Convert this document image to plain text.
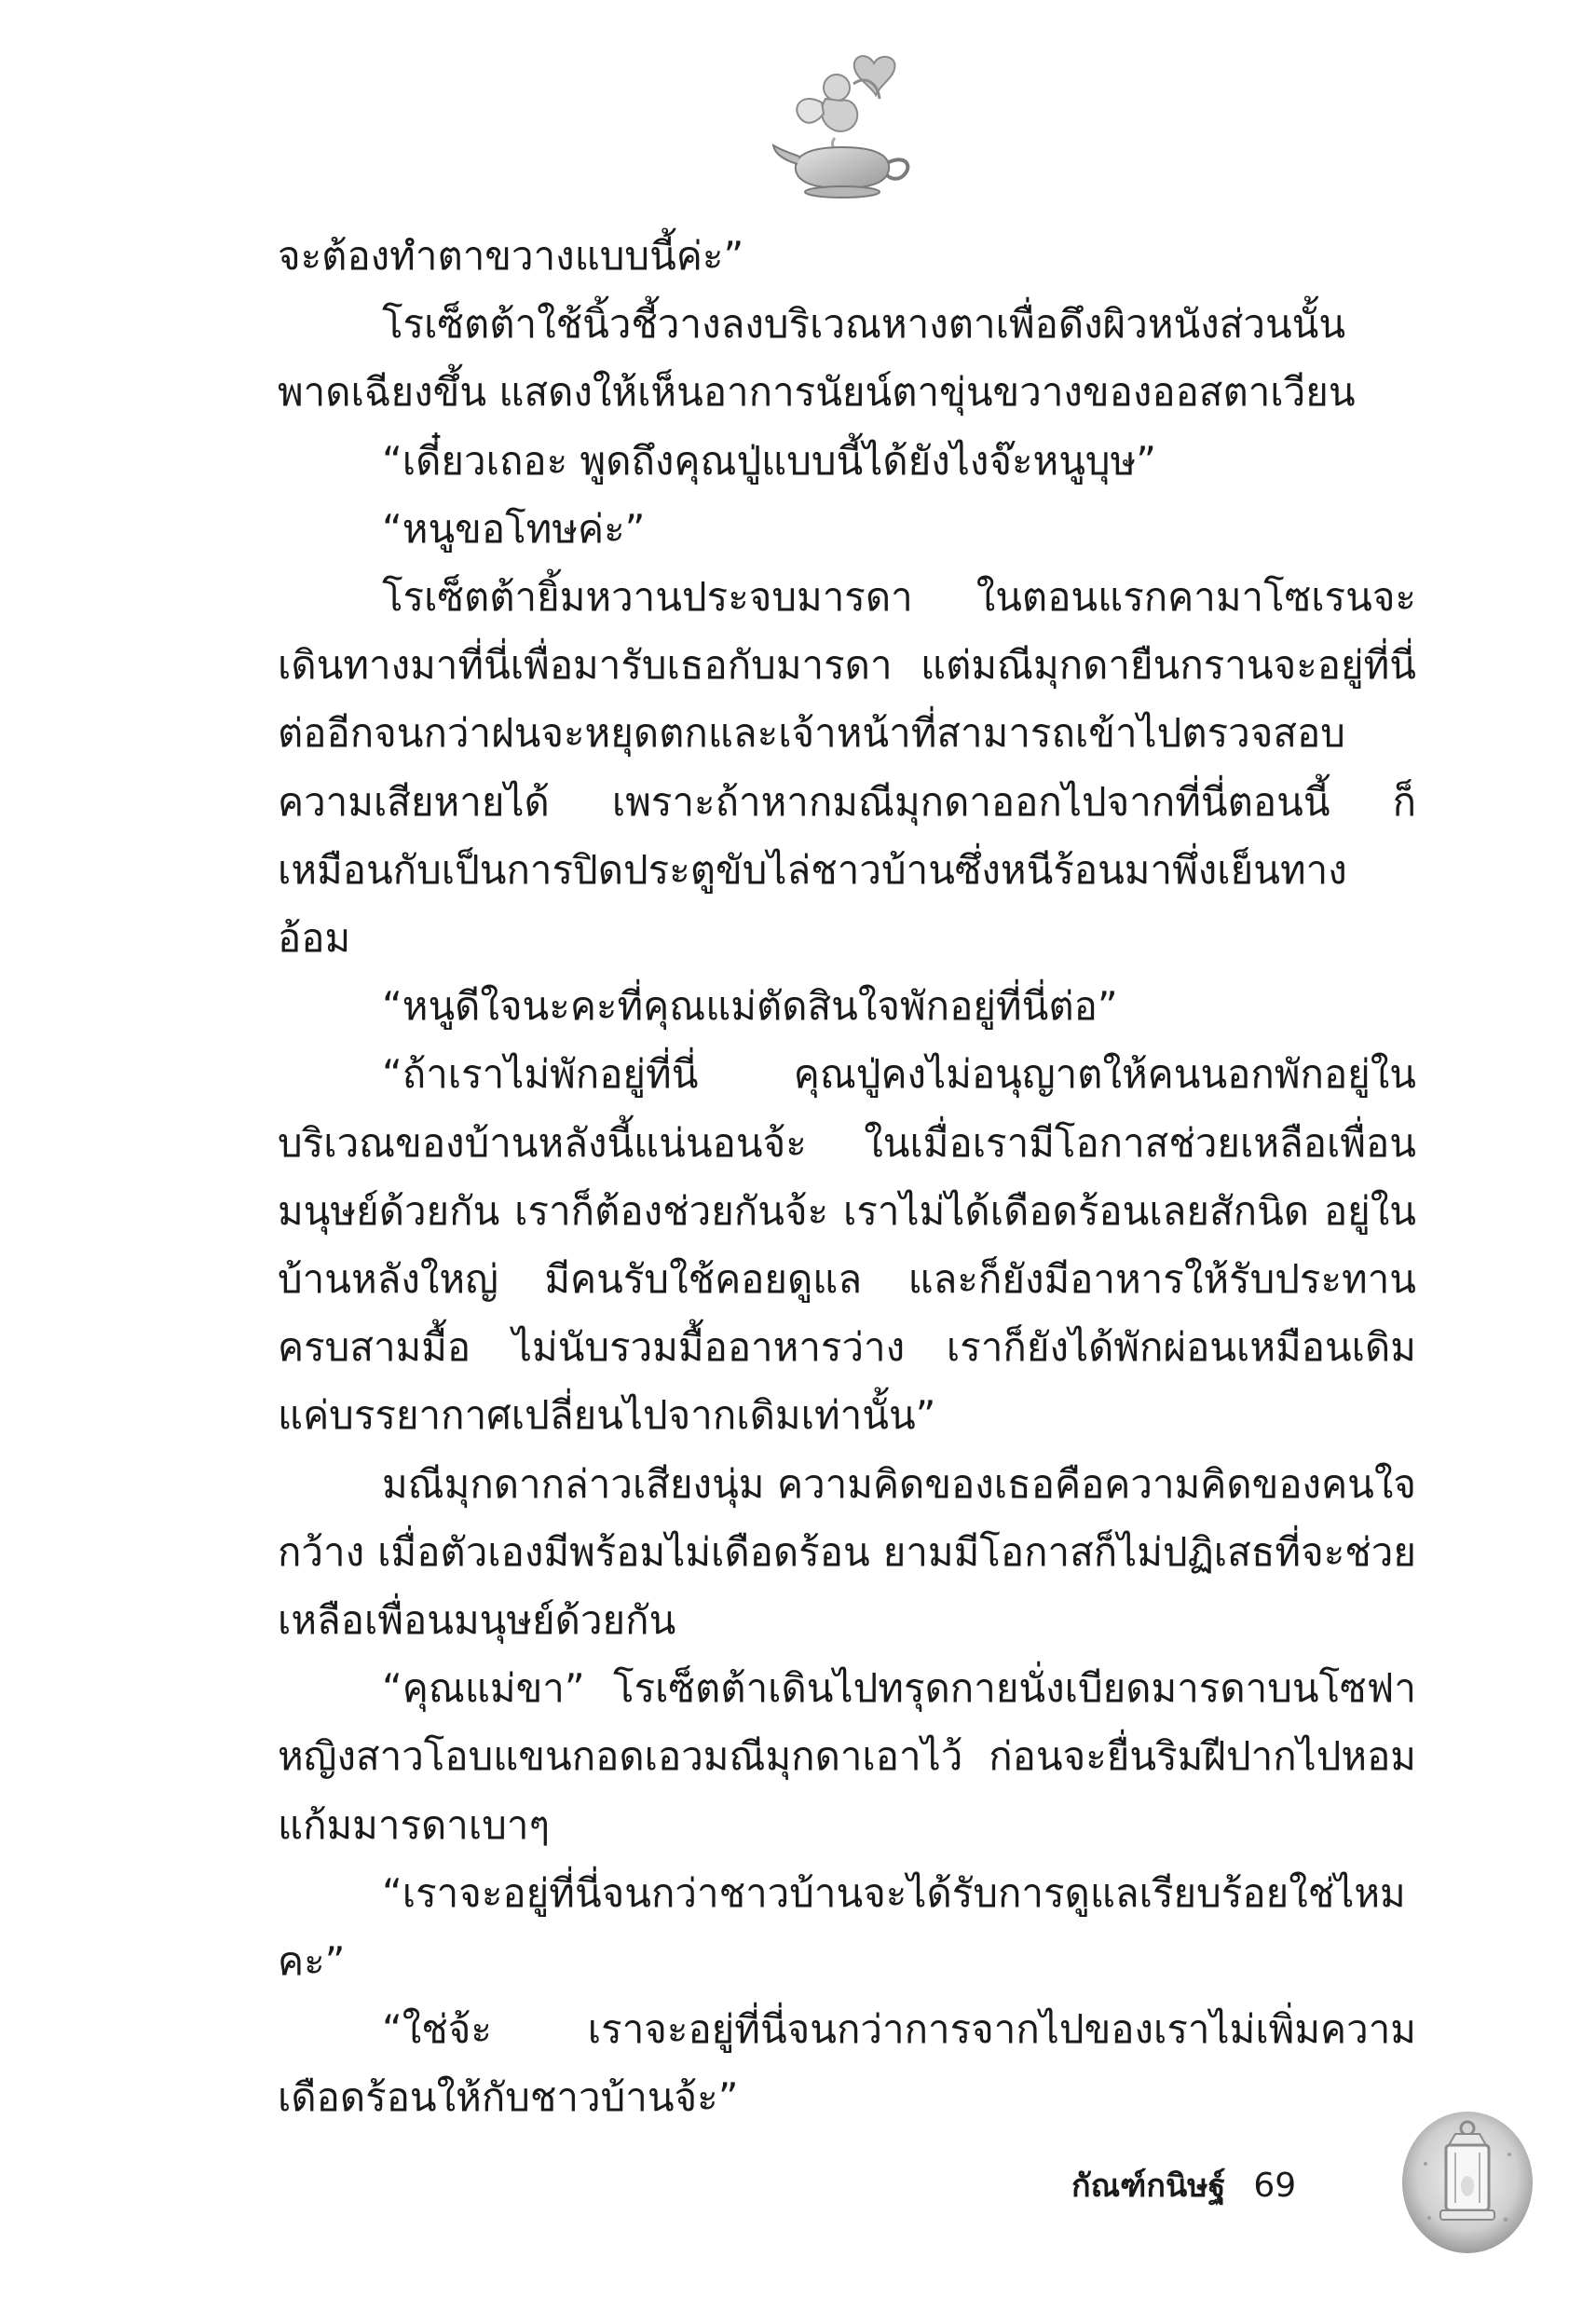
จะต้องทำตาขวางแบบนี้ค่ะ”

โรเซ็ตต้าใช้นิ้วชี้วางลงบริเวณหางตาเพื่อดึงผิวหนังส่วนนั้นพาดเฉียงขึ้น แสดงให้เห็นอาการนัยน์ตาขุ่นขวางของออสตาเวียน

“เดี๋ยวเถอะ พูดถึงคุณปู่แบบนี้ได้ยังไงจ๊ะหนูบุษ”

“หนูขอโทษค่ะ”

โรเซ็ตต้ายิ้มหวานประจบมารดา ในตอนแรกคามาโซเรนจะเดินทางมาที่นี่เพื่อมารับเธอกับมารดา แต่มณีมุกดายืนกรานจะอยู่ที่นี่ต่ออีกจนกว่าฝนจะหยุดตกและเจ้าหน้าที่สามารถเข้าไปตรวจสอบความเสียหายได้ เพราะถ้าหากมณีมุกดาออกไปจากที่นี่ตอนนี้ ก็เหมือนกับเป็นการปิดประตูขับไล่ชาวบ้านซึ่งหนีร้อนมาพึ่งเย็นทางอ้อม

“หนูดีใจนะคะที่คุณแม่ตัดสินใจพักอยู่ที่นี่ต่อ”

“ถ้าเราไม่พักอยู่ที่นี่ คุณปู่คงไม่อนุญาตให้คนนอกพักอยู่ในบริเวณของบ้านหลังนี้แน่นอนจ้ะ ในเมื่อเรามีโอกาสช่วยเหลือเพื่อนมนุษย์ด้วยกัน เราก็ต้องช่วยกันจ้ะ เราไม่ได้เดือดร้อนเลยสักนิด อยู่ในบ้านหลังใหญ่ มีคนรับใช้คอยดูแล และก็ยังมีอาหารให้รับประทานครบสามมื้อ ไม่นับรวมมื้ออาหารว่าง เราก็ยังได้พักผ่อนเหมือนเดิม แค่บรรยากาศเปลี่ยนไปจากเดิมเท่านั้น”

มณีมุกดากล่าวเสียงนุ่ม ความคิดของเธอคือความคิดของคนใจกว้าง เมื่อตัวเองมีพร้อมไม่เดือดร้อน ยามมีโอกาสก็ไม่ปฏิเสธที่จะช่วยเหลือเพื่อนมนุษย์ด้วยกัน

“คุณแม่ขา” โรเซ็ตต้าเดินไปทรุดกายนั่งเบียดมารดาบนโซฟา หญิงสาวโอบแขนกอดเอวมณีมุกดาเอาไว้ ก่อนจะยื่นริมฝีปากไปหอมแก้มมารดาเบาๆ

“เราจะอยู่ที่นี่จนกว่าชาวบ้านจะได้รับการดูแลเรียบร้อยใช่ไหมคะ”

“ใช่จ้ะ เราจะอยู่ที่นี่จนกว่าการจากไปของเราไม่เพิ่มความเดือดร้อนให้กับชาวบ้านจ้ะ”

กัณฑ์กนิษฐ์ 69
